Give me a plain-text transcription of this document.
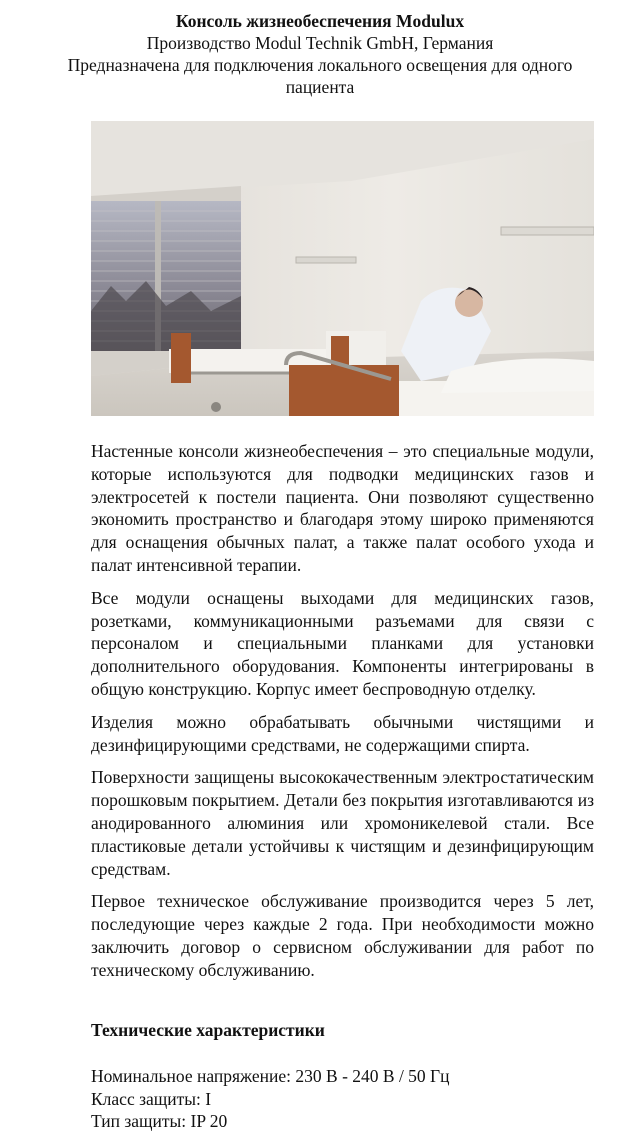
Консоль жизнеобеспечения Modulux
Производство Modul Technik GmbH, Германия
Предназначена для подключения локального освещения для одного пациента

Настенные консоли жизнеобеспечения – это специальные модули, которые используются для подводки медицинских газов и электросетей к постели пациента. Они позволяют существенно экономить пространство и благодаря этому широко применяются для оснащения обычных палат, а также палат особого ухода и палат интенсивной терапии.

Все модули оснащены выходами для медицинских газов, розетками, коммуникационными разъемами для связи с персоналом и специальными планками для установки дополнительного оборудования. Компоненты интегрированы в общую конструкцию. Корпус имеет беспроводную отделку.

Изделия можно обрабатывать обычными чистящими и дезинфицирующими средствами, не содержащими спирта.

Поверхности защищены высококачественным электростатическим порошковым покрытием. Детали без покрытия изготавливаются из анодированного алюминия или хромоникелевой стали. Все пластиковые детали устойчивы к чистящим и дезинфицирующим средствам.

Первое техническое обслуживание производится через 5 лет, последующие через каждые 2 года. При необходимости можно заключить договор о сервисном обслуживании для работ по техническому обслуживанию.

Технические характеристики
Номинальное напряжение: 230 В - 240 В / 50 Гц
Класс защиты: I
Тип защиты: IP 20
